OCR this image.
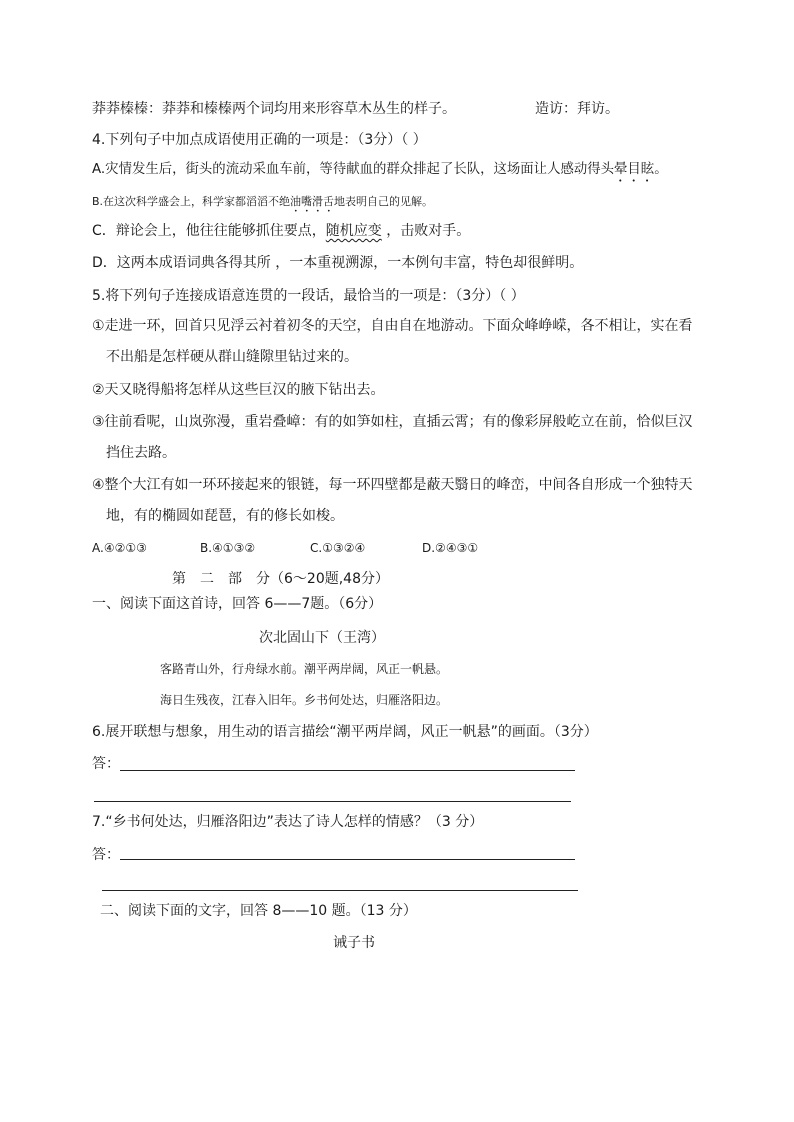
莽莽榛榛：莽莽和榛榛两个词均用来形容草木丛生的样子。	造访：拜访。
4.下列句子中加点成语使用正确的一项是：（3分）（ ）
A.灾情发生后，街头的流动采血车前，等待献血的群众排起了长队，这场面让人感动得头晕目眩。
B.在这次科学盛会上，科学家都滔滔不绝油嘴滑舌地表明自己的见解。
C．辩论会上，他往往能够抓住要点，随机应变 ，击败对手。
D．这两本成语词典各得其所 ，一本重视溯源，一本例句丰富，特色却很鲜明。
5.将下列句子连接成语意连贯的一段话，最恰当的一项是：（3分）（ ）
①走进一环，回首只见浮云衬着初冬的天空，自由自在地游动。下面众峰峥嵘，各不相让，实在看
不出船是怎样硬从群山缝隙里钻过来的。
②天又晓得船将怎样从这些巨汉的腋下钻出去。
③往前看呢，山岚弥漫，重岩叠嶂：有的如笋如柱，直插云霄；有的像彩屏般屹立在前，恰似巨汉
挡住去路。
④整个大江有如一环环接起来的银链，每一环四壁都是蔽天翳日的峰峦，中间各自形成一个独特天
地，有的椭圆如琵琶，有的修长如梭。
A.④②①③	B.④①③②	C.①③②④	D.②④③①
第　二　部　分（6～20题,48分）
一、阅读下面这首诗，回答 6——7题。（6分）
次北固山下（王湾）
客路青山外，行舟绿水前。潮平两岸阔，风正一帆悬。
海日生残夜，江春入旧年。乡书何处达，归雁洛阳边。
6.展开联想与想象，用生动的语言描绘“潮平两岸阔，风正一帆悬”的画面。（3分）
答：
7.“乡书何处达，归雁洛阳边”表达了诗人怎样的情感？（3 分）
答：
二、阅读下面的文字，回答 8——10 题。（13 分）
诫子书
